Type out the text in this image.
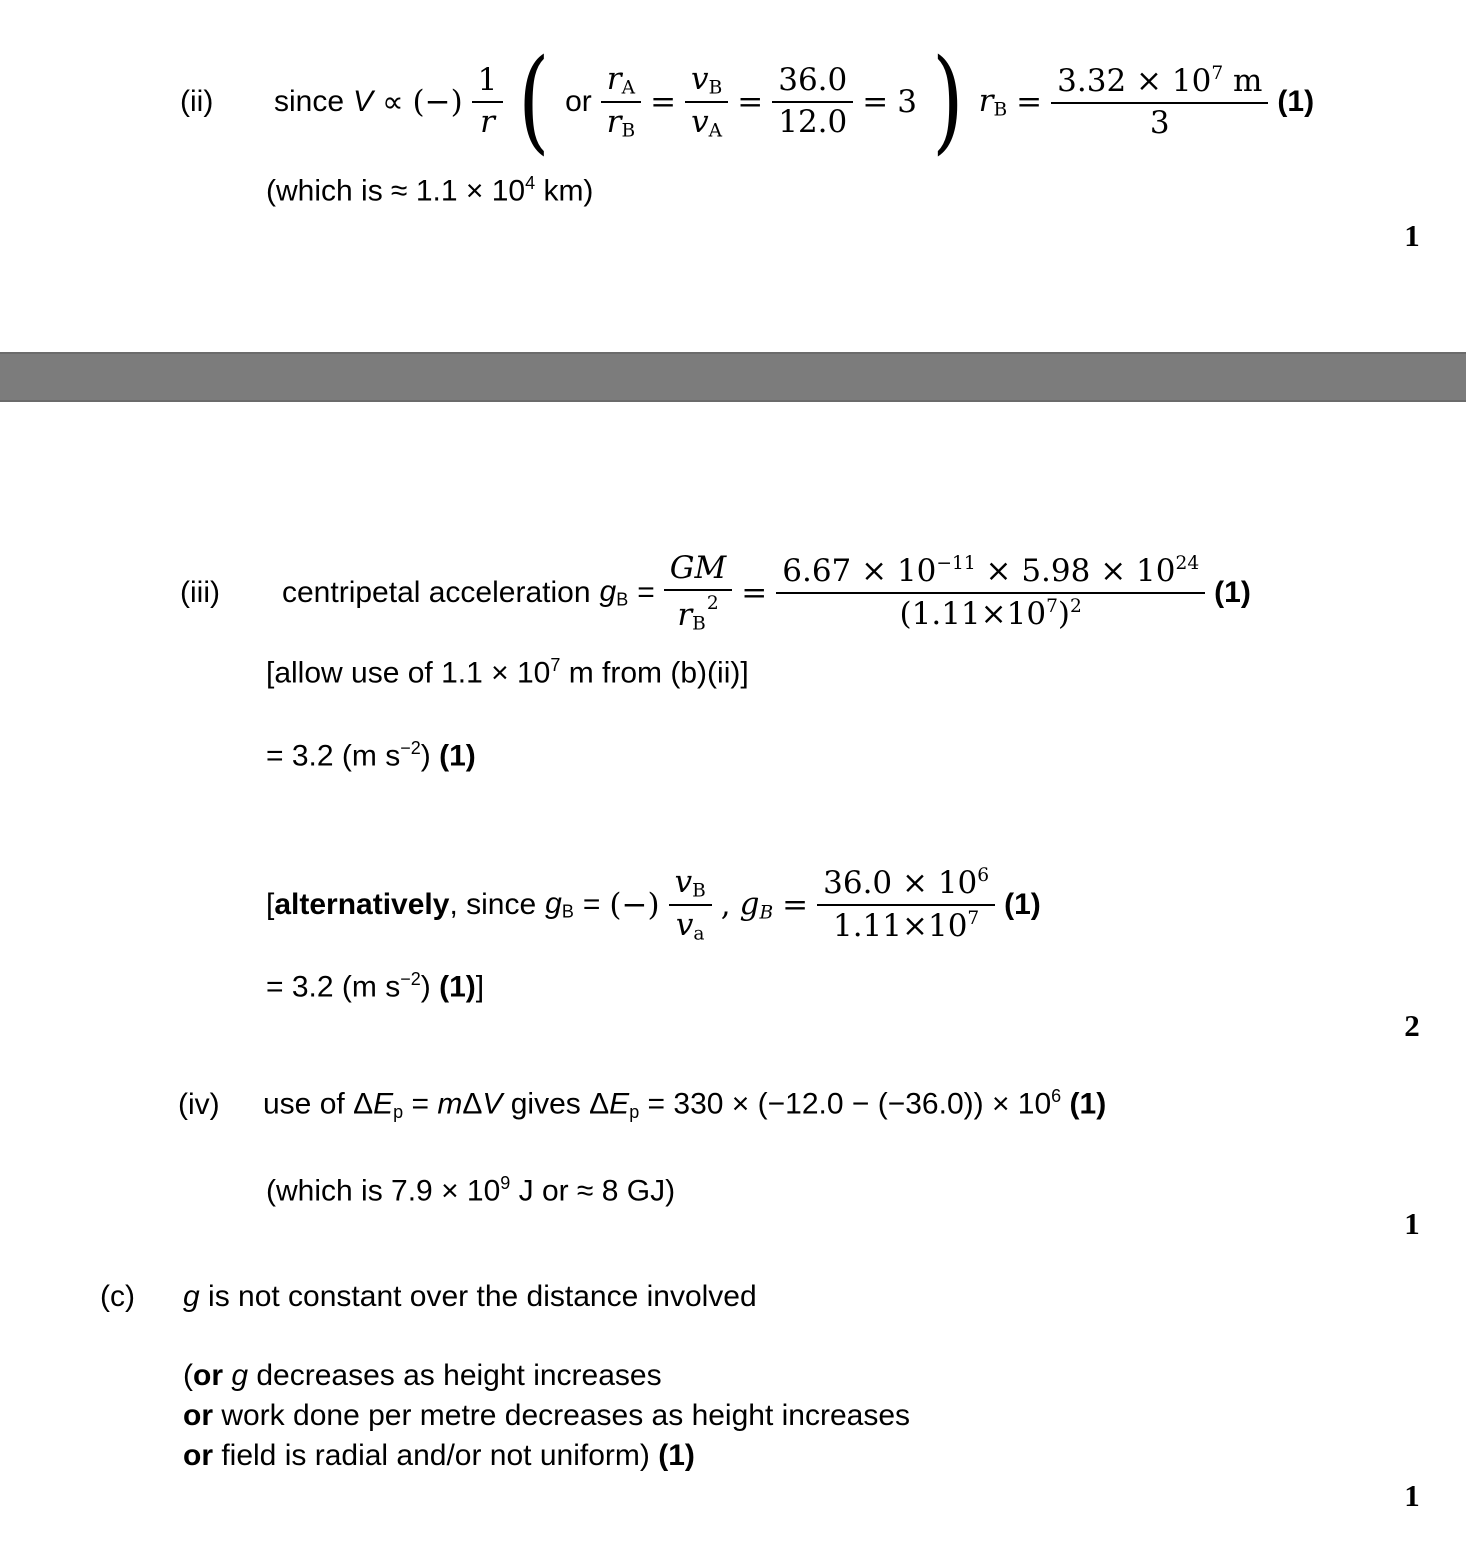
(ii)	since V ∝ (−) $\frac{1}{r}$ ( or $\frac{r_A}{r_B} = \frac{v_B}{v_A} = \frac{36.0}{12.0} = 3$ ) $r_B = \frac{3.32 \times 10^7 m}{3} (1)$
(which is ≈ $1.1 \times 10^4$ km)
1
(iii)	centripetal acceleration $g_B = \frac{GM}{r_B^2} = \frac{6.67 \times 10^{-11} \times 5.98 \times 10^{24}}{(1.11\times 10^7)^2} (1)$
[allow use of $1.1 \times 10^7$ m from (b)(ii)]
= 3.2 (m $s^{-2}$) (1)
[alternatively, since $g_B$ = (−) $\frac{v_B}{v_a}$ , $g_B = \frac{36.0 \times 10^6}{1.11\times 10^7} (1)$
= 3.2 (m $s^{-2}$) (1)]
2
(iv) use of $\Delta E_p = m\Delta V$ gives $\Delta E_p = 330 \times (-12.0 - (-36.0)) \times 10^6$ (1)
(which is $7.9 \times 10^9$ J or ≈ 8 GJ)
1
(c) g is not constant over the distance involved
(or g decreases as height increases
or work done per metre decreases as height increases
or field is radial and/or not uniform) (1)
1
